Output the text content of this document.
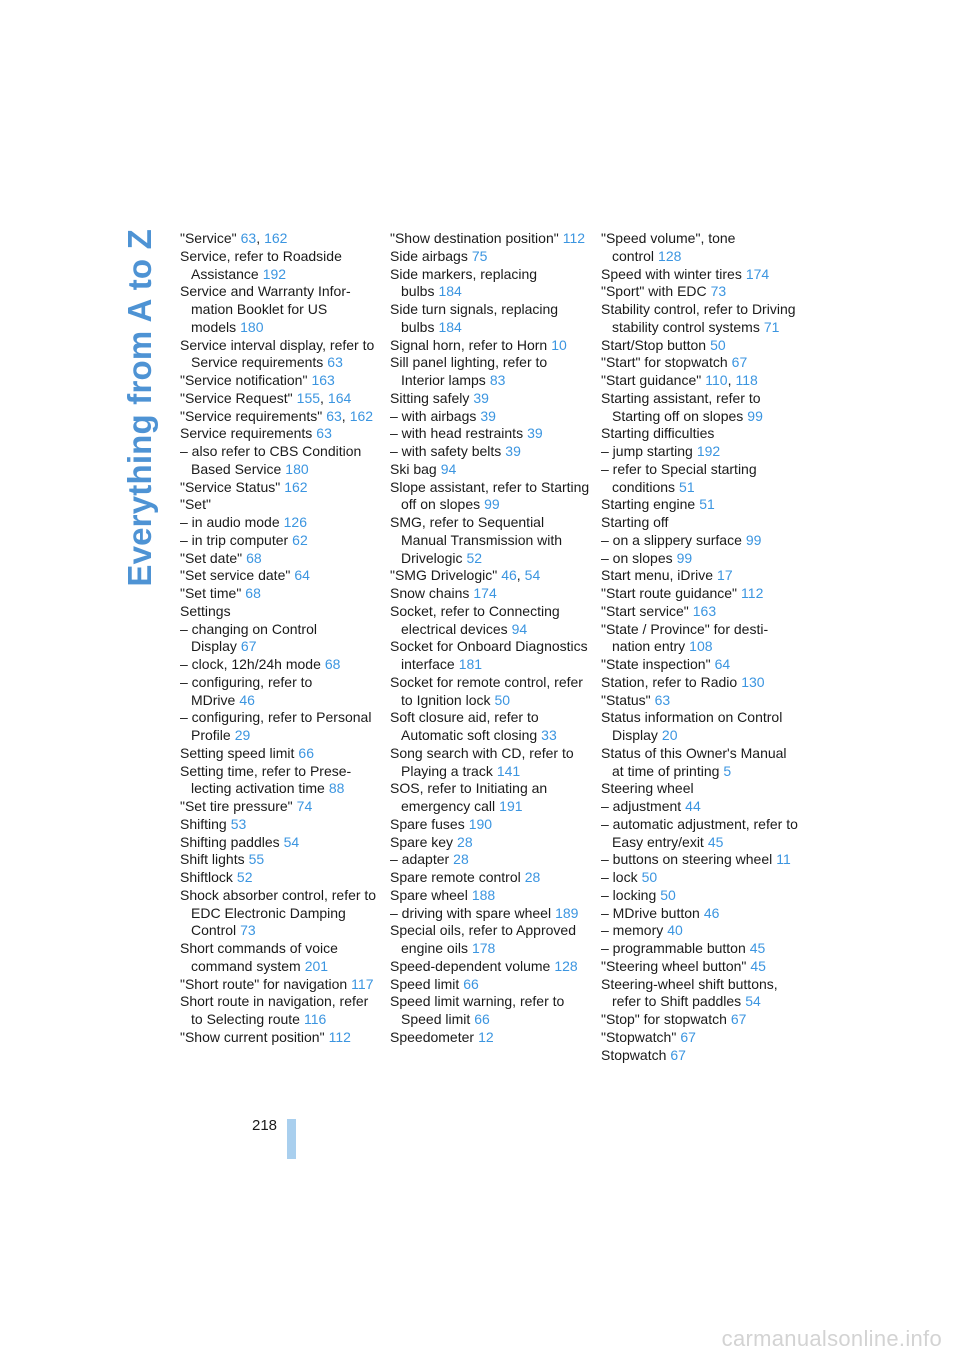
Everything from A to Z	"Service" 63, 162

Service, refer to Roadside Assistance 192

Service and Warranty Infor- mation Booklet for US models 180

Service interval display, refer to Service requirements 63

"Service notification" 163

"Service Request" 155, 164

"Service requirements" 63, 162

Service requirements 63

– also refer to CBS Condition Based Service 180

"Service Status" 162

"Set"

– in audio mode 126

– in trip computer 62

"Set date" 68

"Set service date" 64

"Set time" 68

Settings

– changing on Control Display 67

– clock, 12h/24h mode 68

– configuring, refer to MDrive 46

– configuring, refer to Personal Profile 29

Setting speed limit 66

Setting time, refer to Prese- lecting activation time 88

"Set tire pressure" 74

Shifting 53

Shifting paddles 54

Shift lights 55

Shiftlock 52

Shock absorber control, refer to EDC Electronic Damping Control 73

Short commands of voice command system 201

"Short route" for navigation 117

Short route in navigation, refer to Selecting route 116

"Show current position" 112

"Show destination position" 112

Side airbags 75

Side markers, replacing bulbs 184

Side turn signals, replacing bulbs 184

Signal horn, refer to Horn 10

Sill panel lighting, refer to Interior lamps 83

Sitting safely 39

– with airbags 39

– with head restraints 39

– with safety belts 39

Ski bag 94

Slope assistant, refer to Starting off on slopes 99

SMG, refer to Sequential Manual Transmission with Drivelogic 52

"SMG Drivelogic" 46, 54

Snow chains 174

Socket, refer to Connecting electrical devices 94

Socket for Onboard Diagnostics interface 181

Socket for remote control, refer to Ignition lock 50

Soft closure aid, refer to Automatic soft closing 33

Song search with CD, refer to Playing a track 141

SOS, refer to Initiating an emergency call 191

Spare fuses 190

Spare key 28

– adapter 28

Spare remote control 28

Spare wheel 188

– driving with spare wheel 189

Special oils, refer to Approved engine oils 178

Speed-dependent volume 128

Speed limit 66

Speed limit warning, refer to Speed limit 66

Speedometer 12

"Speed volume", tone control 128

Speed with winter tires 174

"Sport" with EDC 73

Stability control, refer to Driving stability control systems 71

Start/Stop button 50

"Start" for stopwatch 67

"Start guidance" 110, 118

Starting assistant, refer to Starting off on slopes 99

Starting difficulties

– jump starting 192

– refer to Special starting conditions 51

Starting engine 51

Starting off

– on a slippery surface 99

– on slopes 99

Start menu, iDrive 17

"Start route guidance" 112

"Start service" 163

"State / Province" for desti- nation entry 108

"State inspection" 64

Station, refer to Radio 130

"Status" 63

Status information on Control Display 20

Status of this Owner's Manual at time of printing 5

Steering wheel

– adjustment 44

– automatic adjustment, refer to Easy entry/exit 45

– buttons on steering wheel 11

– lock 50

– locking 50

– MDrive button 46

– memory 40

– programmable button 45

"Steering wheel button" 45

Steering-wheel shift buttons, refer to Shift paddles 54

"Stop" for stopwatch 67

"Stopwatch" 67

Stopwatch 67

218
carmanualsonline.info
